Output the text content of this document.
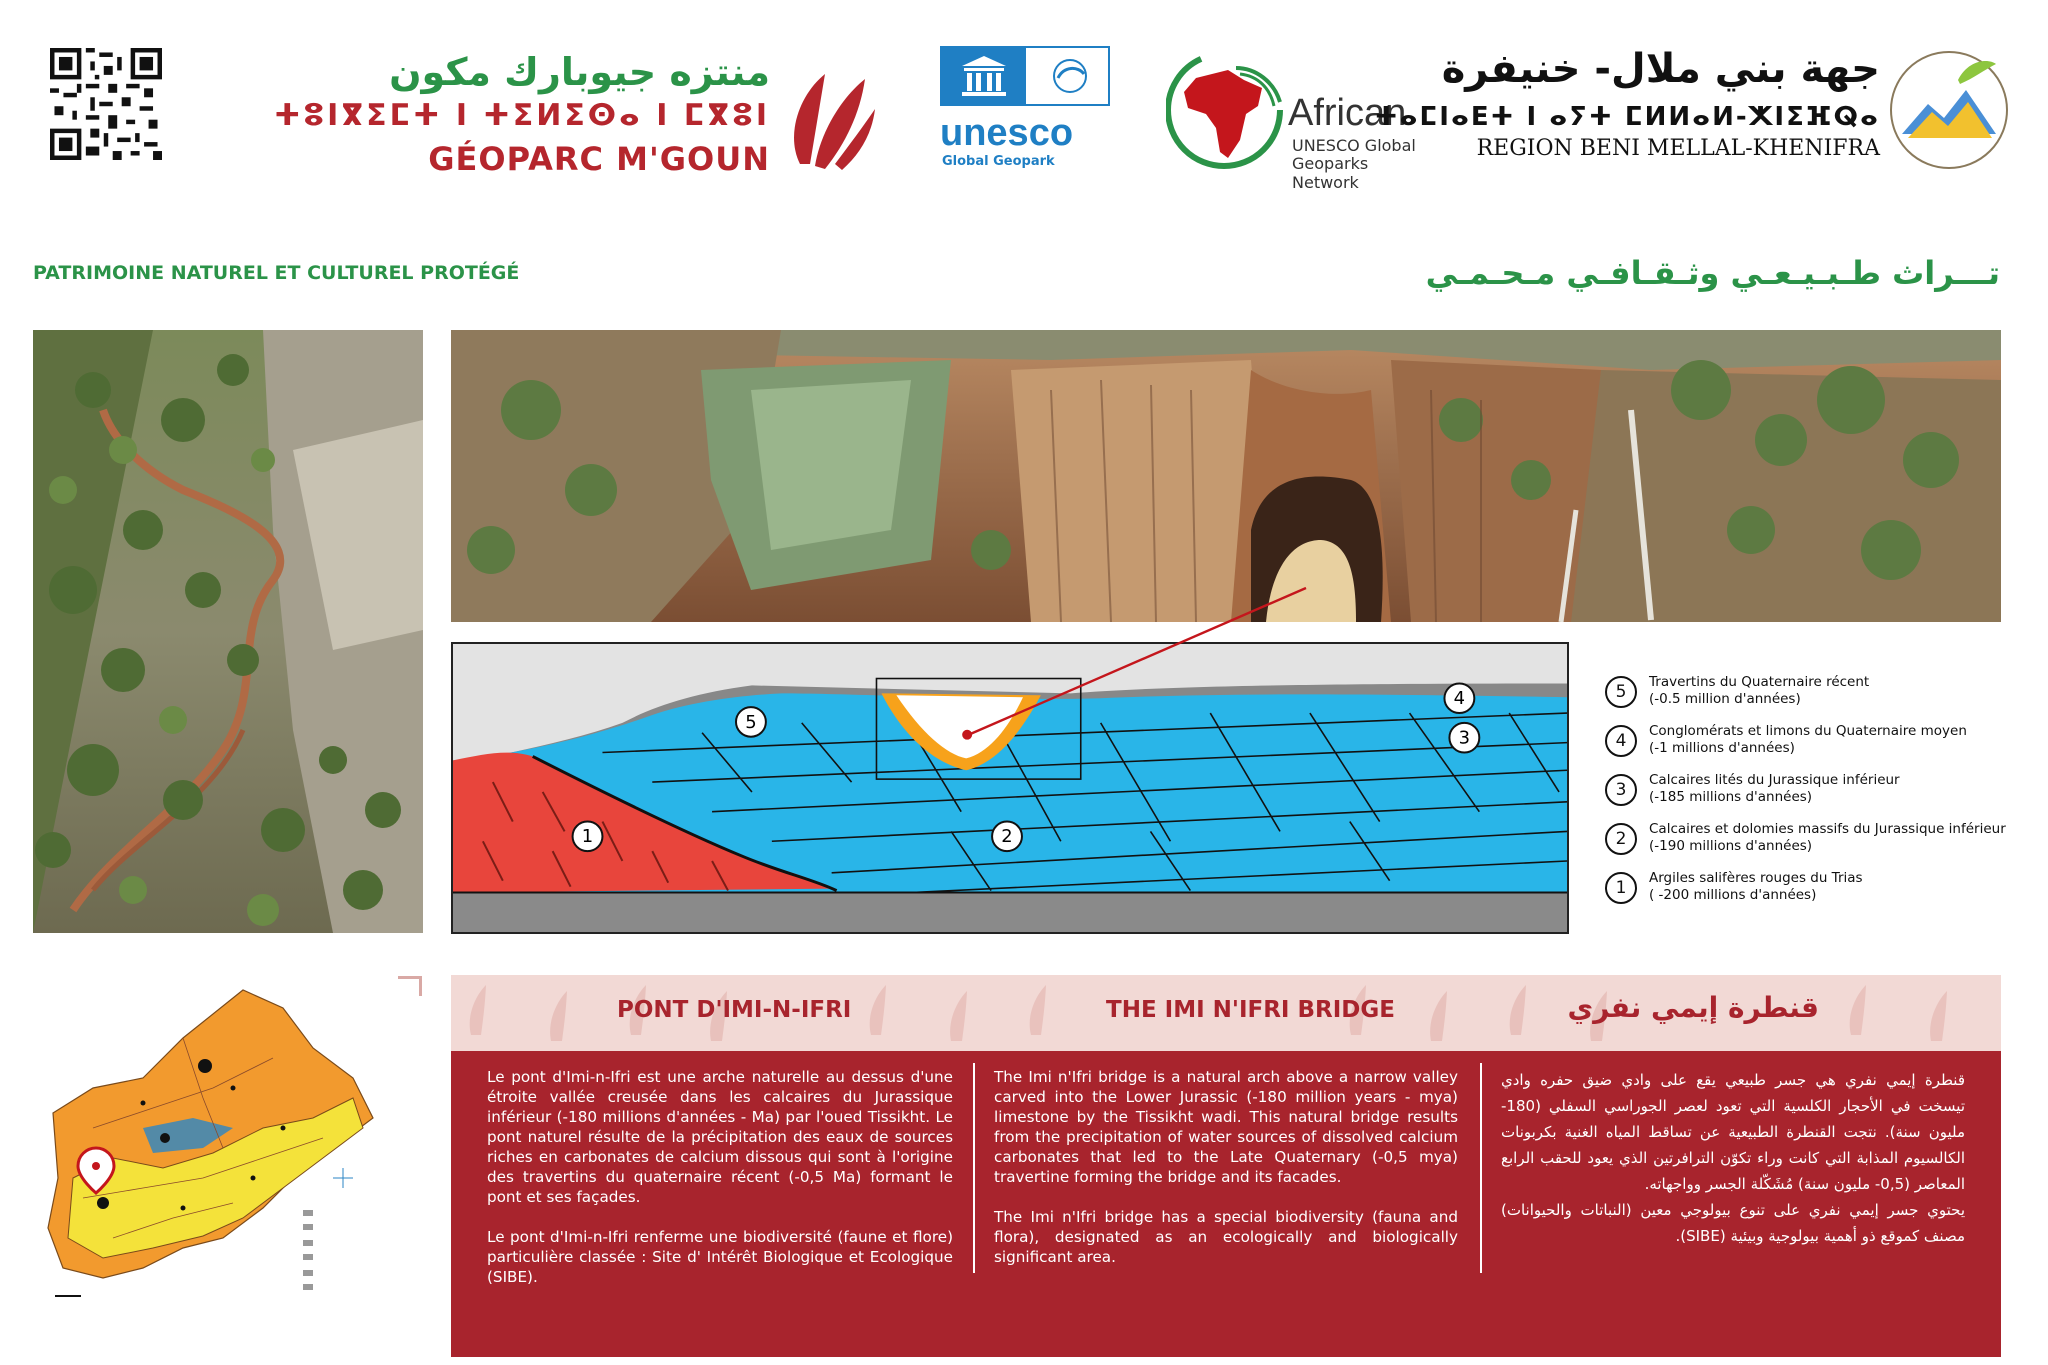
منتزه جيوبارك مكون
ⵜⵓⵏⴳⵉⵎⵜ ⵏ ⵜⵉⵍⵉⵙⴰ ⵏ ⵎⴳⵓⵏ
GÉOPARC M'GOUN
unesco
Global Geopark
African
UNESCO Global
Geoparks Network
جهة بني ملال- خنيفرة
ⵜⴰⵎⵏⴰⴹⵜ ⵏ ⴰⵢⵜ ⵎⵍⵍⴰⵍ-ⵅⵏⵉⴼⵕⴰ
REGION BENI MELLAL-KHENIFRA
PATRIMOINE NATUREL ET CULTUREL PROTÉGÉ	تـــراث طـبـيـعـي وثـقـافـي مـحـمـي
1	2
3
4
5
5	Travertins du Quaternaire récent
(-0.5 million d'années)
4	Conglomérats et limons du Quaternaire moyen
(-1 millions d'années)
3	Calcaires lités du Jurassique inférieur
(-185 millions d'années)
2	Calcaires et dolomies massifs du Jurassique inférieur
(-190 millions d'années)
1	Argiles salifères rouges du Trias
( -200 millions d'années)
PONT D'IMI-N-IFRI	THE IMI N'IFRI BRIDGE	قنطرة إيمي نفري

Le pont d'Imi-n-Ifri est une arche naturelle au dessus d'une étroite vallée creusée dans les calcaires du Jurassique inférieur (-180 millions d'années - Ma) par l'oued Tissikht. Le pont naturel résulte de la précipitation des eaux de sources riches en carbonates de calcium dissous qui sont à l'origine des travertins du quaternaire récent (-0,5 Ma) formant le pont et ses façades.

Le pont d'Imi-n-Ifri renferme une biodiversité (faune et flore) particulière classée : Site d' Intérêt Biologique et Ecologique (SIBE).

The Imi n'Ifri bridge is a natural arch above a narrow valley carved into the Lower Jurassic (-180 million years - mya) limestone by the Tissikht wadi. This natural bridge results from the precipitation of water sources of dissolved calcium carbonates that led to the Late Quaternary (-0,5 mya) travertine forming the bridge and its facades.

The Imi n'Ifri bridge has a special biodiversity (fauna and flora), designated as an ecologically and biologically significant area.

قنطرة إيمي نفري هي جسر طبيعي يقع على وادي ضيق حفره وادي تيسخت في الأحجار الكلسية التي تعود لعصر الجوراسي السفلي (180- مليون سنة). نتجت القنطرة الطبيعية عن تساقط المياه الغنية بكربونات الكالسيوم المذابة التي كانت وراء تكوّن الترافرتين الذي يعود للحقب الرابع المعاصر (0,5- مليون سنة) مُشَكّلة الجسر وواجهاته.

يحتوي جسر إيمي نفري على تنوع بيولوجي معين (النباتات والحيوانات) مصنف كموقع ذو أهمية بيولوجية وبيئية (SIBE).
